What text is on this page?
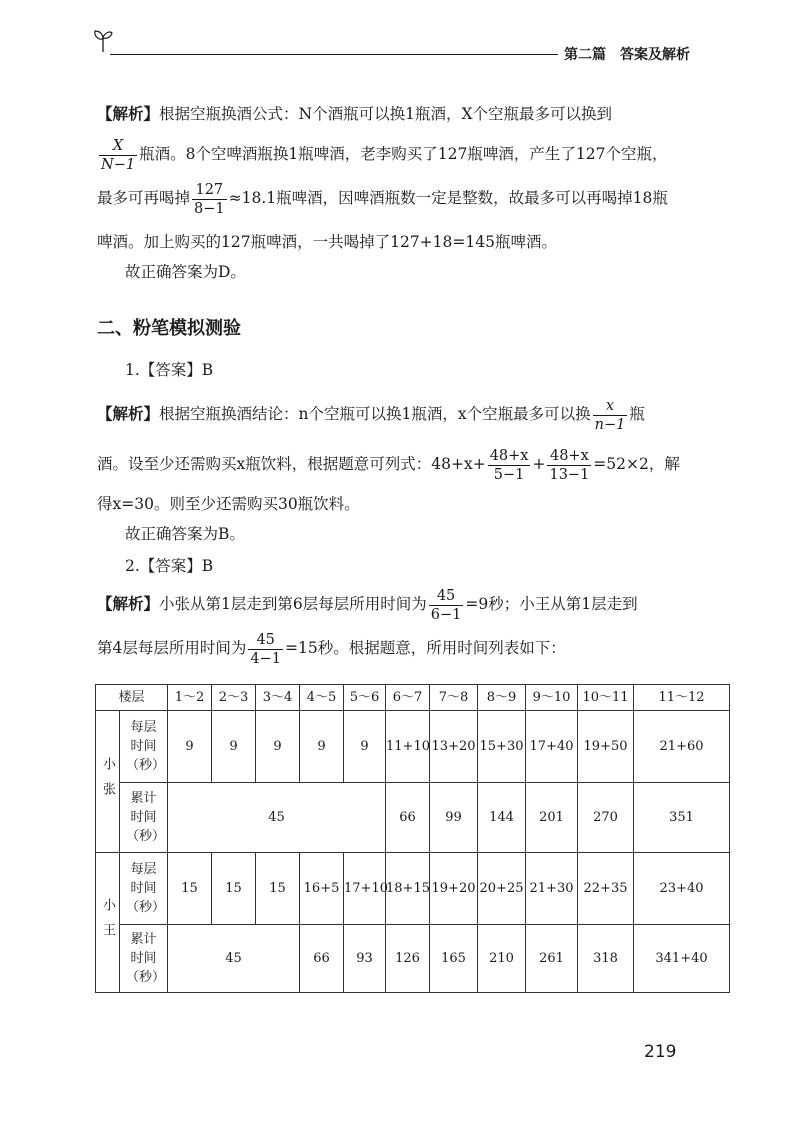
第二篇　答案及解析
【解析】根据空瓶换酒公式：N个酒瓶可以换1瓶酒，X个空瓶最多可以换到
$\frac{X}{N-1}$ 瓶酒。8个空啤酒瓶换1瓶啤酒，老李购买了127瓶啤酒，产生了127个空瓶，
最多可再喝掉 $\frac{127}{8-1} \approx 18.1$瓶啤酒，因啤酒瓶数一定是整数，故最多可以再喝掉18瓶
啤酒。加上购买的127瓶啤酒，一共喝掉了127+18=145瓶啤酒。
故正确答案为D。
二、粉笔模拟测验
1.【答案】B
【解析】根据空瓶换酒结论：n个空瓶可以换1瓶酒，x个空瓶最多可以换 $\frac{x}{n-1}$ 瓶
酒。设至少还需购买x瓶饮料，根据题意可列式：$48+x+ \frac{48+x}{5-1} + \frac{48+x}{13-1} =52\times 2$，解
得x=30。则至少还需购买30瓶饮料。
故正确答案为B。
2.【答案】B
【解析】小张从第1层走到第6层每层所用时间为 $\frac{45}{6-1} =9$秒；小王从第1层走到
第4层每层所用时间为 $\frac{45}{4-1} =15$秒。根据题意，所用时间列表如下：
楼层		1～2	2～3	3～4	4～5	5～6	6～7	7～8	8～9	9～10	10～11	11～12
小张	每层时间（秒）	9	9	9	9	9	11+10	13+20	15+30	17+40	19+50	21+60
	累计时间（秒）	45					66	99	144	201	270	351
小王	每层时间（秒）	15	15	15	16+5	17+10	18+15	19+20	20+25	21+30	22+35	23+40
	累计时间（秒）	45			66	93	126	165	210	261	318	341+40
219
